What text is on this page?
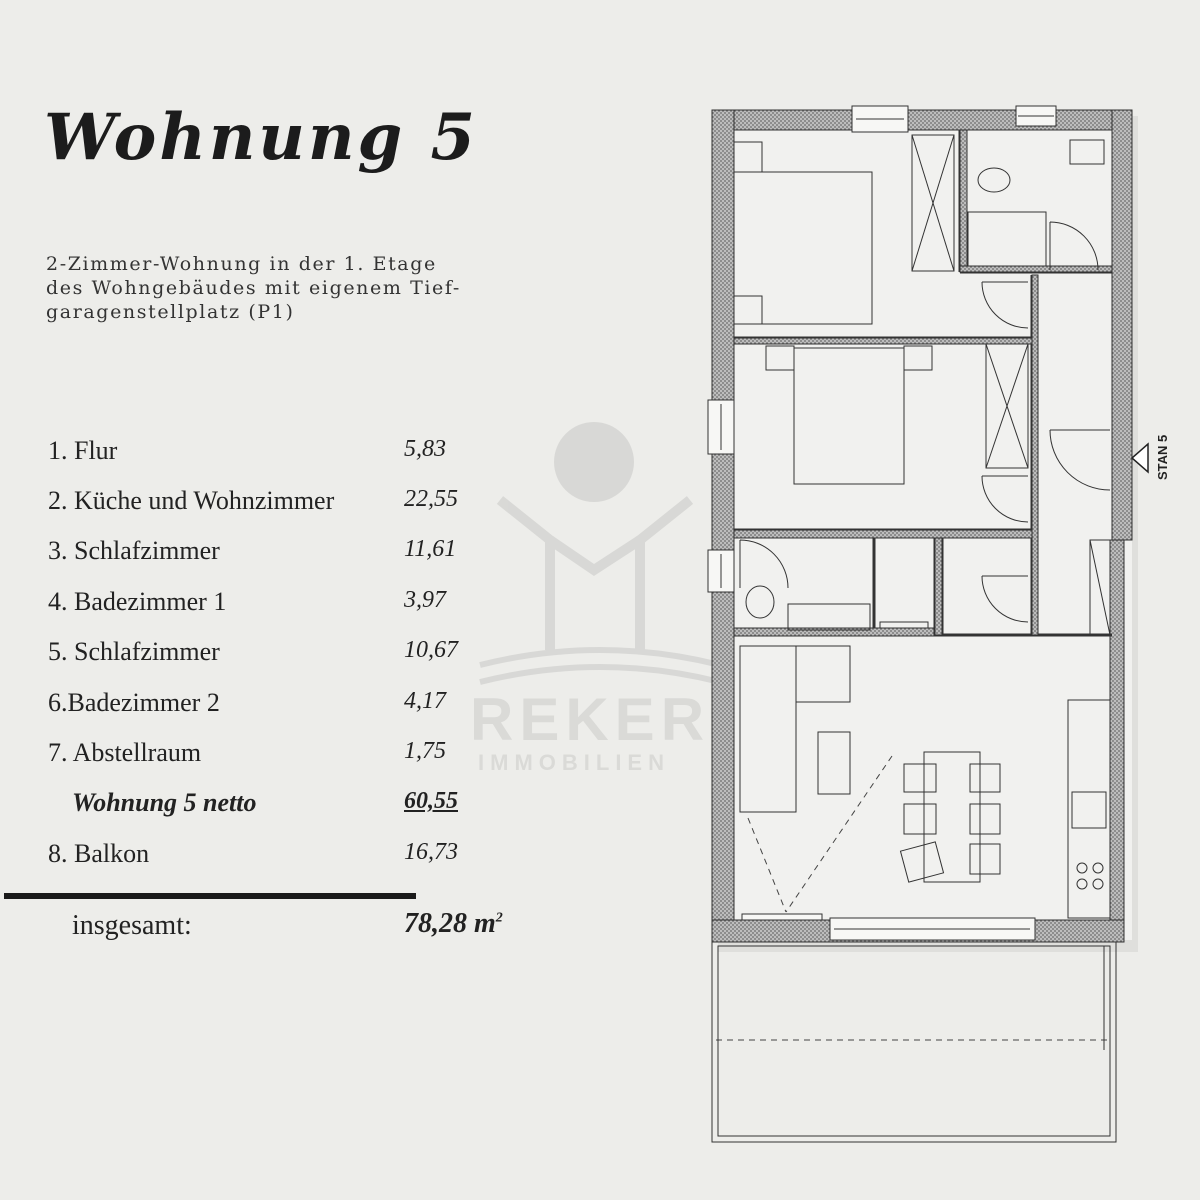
Wohnung 5
2-Zimmer-Wohnung in der 1. Etage
des Wohngebäudes mit eigenem Tief-
garagenstellplatz (P1)
REKER
IMMOBILIEN
1. Flur	5,83
2. Küche und Wohnzimmer	22,55
3. Schlafzimmer	11,61
4. Badezimmer 1	3,97
5. Schlafzimmer	10,67
6.Badezimmer 2	4,17
7. Abstellraum	1,75
Wohnung 5 netto	60,55
8. Balkon	16,73
insgesamt:	78,28 $m^2$
STAN 5
